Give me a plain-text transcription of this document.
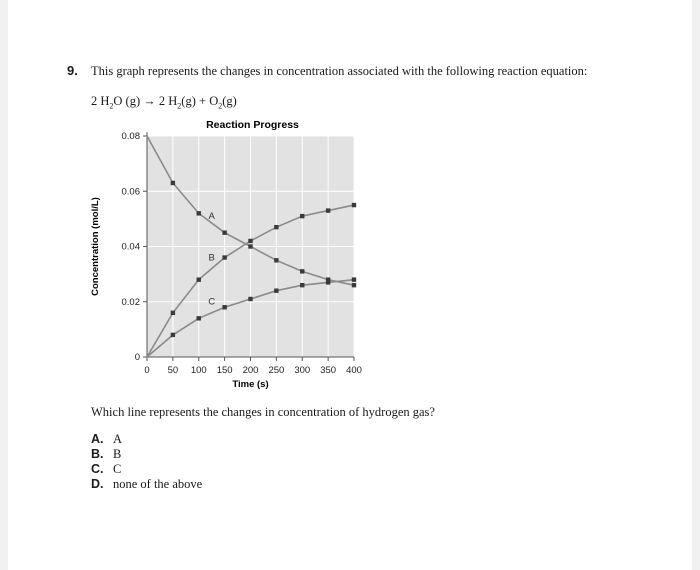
9. This graph represents the changes in concentration associated with the following reaction equation:
2 $H_2O$ (g) → 2 $H_2(g) + O_2(g)$
0 50 100 150 200 250 300 350 400
0
0.02
0.04
0.06
0.08
A
B
C
Reaction Progress
Time (s)
Concentration (mol/L)
Which line represents the changes in concentration of hydrogen gas?
A. A
B. B
C. C
D. none of the above
